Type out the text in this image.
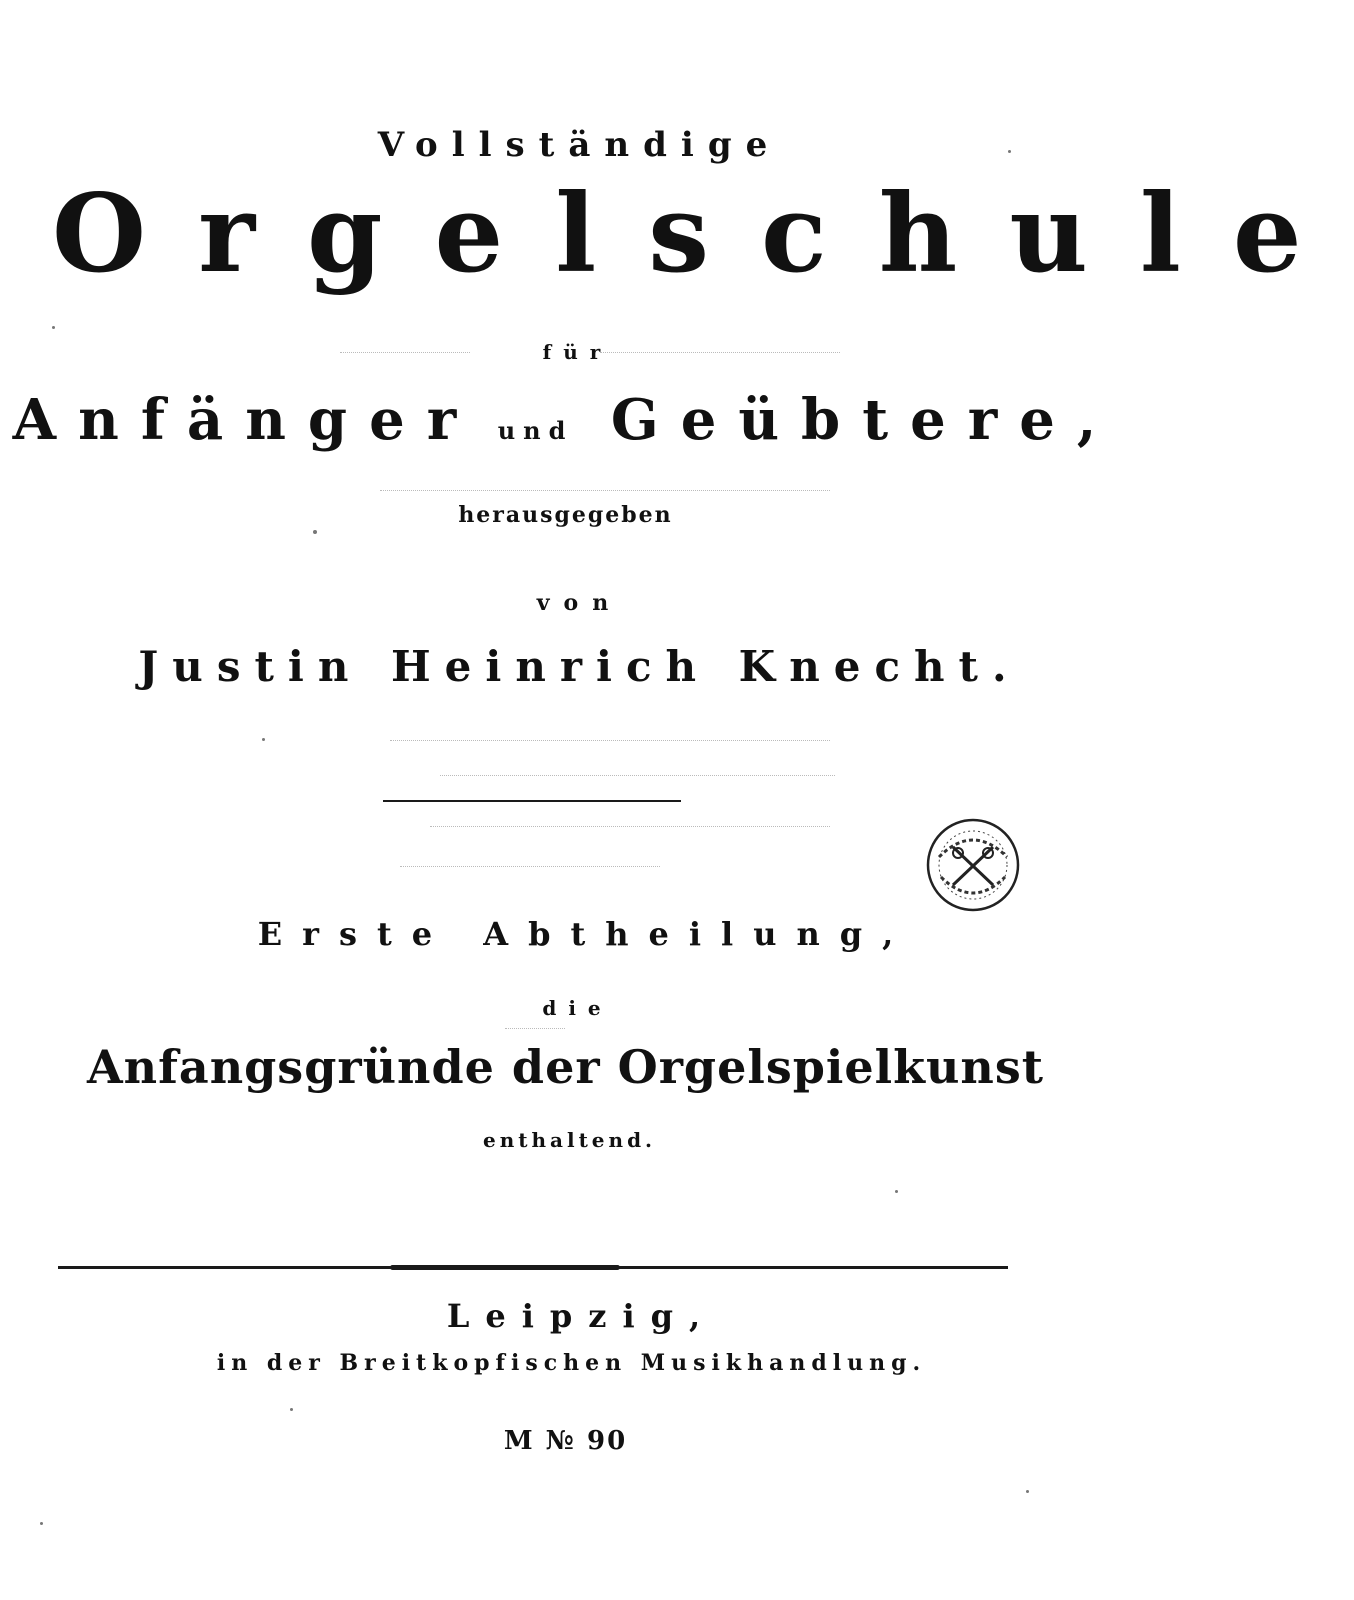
Vollständige
Orgelschule
für
Anfänger und Geübtere,
herausgegeben
von
Justin Heinrich Knecht.
Erste Abtheilung,
die
Anfangsgründe der Orgelspielkunst
enthaltend.
Leipzig,
in der Breitkopfischen Musikhandlung.
M № 90
